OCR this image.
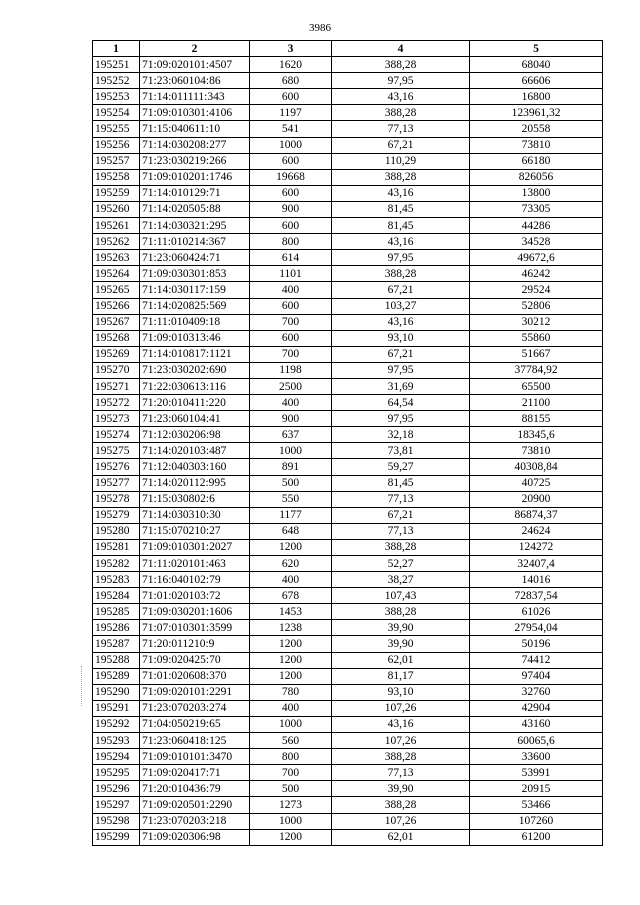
3986
1	2	3	4	5
195251	71:09:020101:4507	1620	388,28	68040
195252	71:23:060104:86	680	97,95	66606
195253	71:14:011111:343	600	43,16	16800
195254	71:09:010301:4106	1197	388,28	123961,32
195255	71:15:040611:10	541	77,13	20558
195256	71:14:030208:277	1000	67,21	73810
195257	71:23:030219:266	600	110,29	66180
195258	71:09:010201:1746	19668	388,28	826056
195259	71:14:010129:71	600	43,16	13800
195260	71:14:020505:88	900	81,45	73305
195261	71:14:030321:295	600	81,45	44286
195262	71:11:010214:367	800	43,16	34528
195263	71:23:060424:71	614	97,95	49672,6
195264	71:09:030301:853	1101	388,28	46242
195265	71:14:030117:159	400	67,21	29524
195266	71:14:020825:569	600	103,27	52806
195267	71:11:010409:18	700	43,16	30212
195268	71:09:010313:46	600	93,10	55860
195269	71:14:010817:1121	700	67,21	51667
195270	71:23:030202:690	1198	97,95	37784,92
195271	71:22:030613:116	2500	31,69	65500
195272	71:20:010411:220	400	64,54	21100
195273	71:23:060104:41	900	97,95	88155
195274	71:12:030206:98	637	32,18	18345,6
195275	71:14:020103:487	1000	73,81	73810
195276	71:12:040303:160	891	59,27	40308,84
195277	71:14:020112:995	500	81,45	40725
195278	71:15:030802:6	550	77,13	20900
195279	71:14:030310:30	1177	67,21	86874,37
195280	71:15:070210:27	648	77,13	24624
195281	71:09:010301:2027	1200	388,28	124272
195282	71:11:020101:463	620	52,27	32407,4
195283	71:16:040102:79	400	38,27	14016
195284	71:01:020103:72	678	107,43	72837,54
195285	71:09:030201:1606	1453	388,28	61026
195286	71:07:010301:3599	1238	39,90	27954,04
195287	71:20:011210:9	1200	39,90	50196
195288	71:09:020425:70	1200	62,01	74412
195289	71:01:020608:370	1200	81,17	97404
195290	71:09:020101:2291	780	93,10	32760
195291	71:23:070203:274	400	107,26	42904
195292	71:04:050219:65	1000	43,16	43160
195293	71:23:060418:125	560	107,26	60065,6
195294	71:09:010101:3470	800	388,28	33600
195295	71:09:020417:71	700	77,13	53991
195296	71:20:010436:79	500	39,90	20915
195297	71:09:020501:2290	1273	388,28	53466
195298	71:23:070203:218	1000	107,26	107260
195299	71:09:020306:98	1200	62,01	61200
